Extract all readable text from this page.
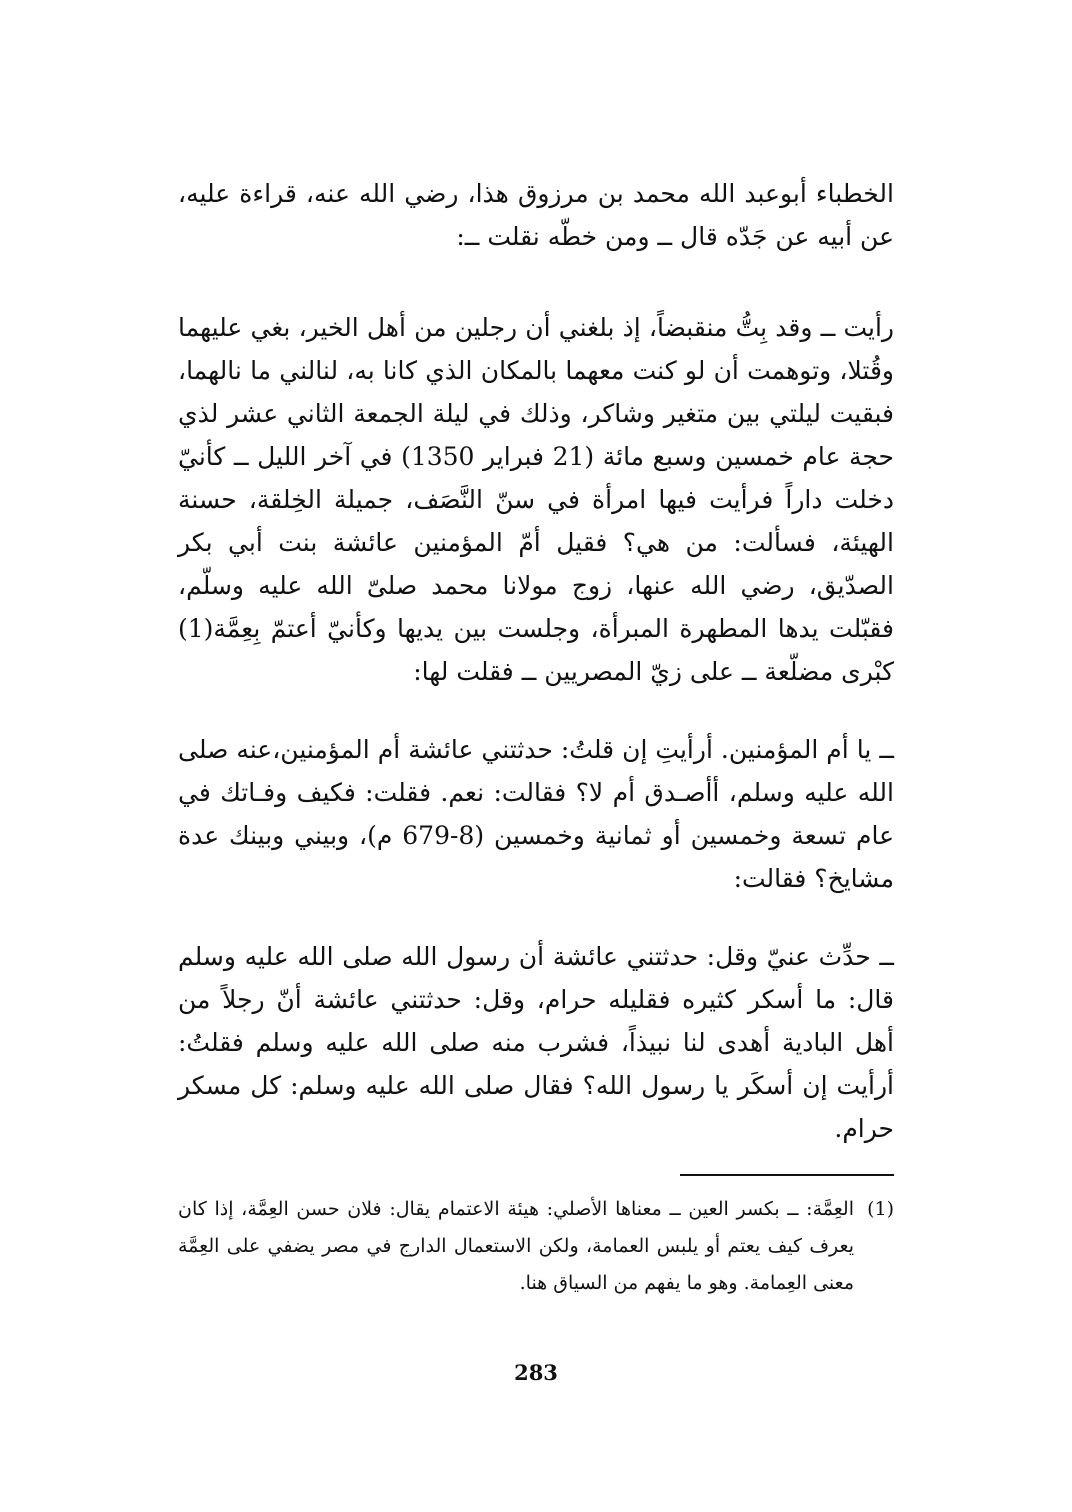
الخطباء أبوعبد الله محمد بن مرزوق هذا، رضي الله عنه، قراءة عليه، عن أبيه عن جَدّه قال ــ ومن خطّه نقلت ــ:

رأيت ــ وقد بِتُّ منقبضاً، إذ بلغني أن رجلين من أهل الخير، بغي عليهما وقُتلا، وتوهمت أن لو كنت معهما بالمكان الذي كانا به، لنالني ما نالهما، فبقيت ليلتي بين متغير وشاكر، وذلك في ليلة الجمعة الثاني عشر لذي حجة عام خمسين وسبع مائة (21 فبراير 1350) في آخر الليل ــ كأنيّ دخلت داراً فرأيت فيها امرأة في سنّ النَّصَف، جميلة الخِلقة، حسنة الهيئة، فسألت: من هي؟ فقيل أمّ المؤمنين عائشة بنت أبي بكر الصدّيق، رضي الله عنها، زوج مولانا محمد صلىّ الله عليه وسلّم، فقبّلت يدها المطهرة المبرأة، وجلست بين يديها وكأنيّ أعتمّ بِعِمَّة(1) كبْرى مضلّعة ــ على زيّ المصريين ــ فقلت لها:

ــ يا أم المؤمنين. أرأيتِ إن قلتُ: حدثتني عائشة أم المؤمنين،عنه صلى الله عليه وسلم، أأصـدق أم لا؟ فقالت: نعم. فقلت: فكيف وفـاتك في عام تسعة وخمسين أو ثمانية وخمسين (8-679 م)، وبيني وبينك عدة مشايخ؟ فقالت:

ــ حدِّث عنيّ وقل: حدثتني عائشة أن رسول الله صلى الله عليه وسلم قال: ما أسكر كثيره فقليله حرام، وقل: حدثتني عائشة أنّ رجلاً من أهل البادية أهدى لنا نبيذاً، فشرب منه صلى الله عليه وسلم فقلتُ: أرأيت إن أسكَر يا رسول الله؟ فقال صلى الله عليه وسلم: كل مسكر حرام.

(1)
العِمَّة: ــ بكسر العين ــ معناها الأصلي: هيئة الاعتمام يقال: فلان حسن العِمَّة، إذا كان يعرف كيف يعتم أو يلبس العمامة، ولكن الاستعمال الدارج في مصر يضفي على العِمَّة معنى العِمامة. وهو ما يفهم من السياق هنا.
283
